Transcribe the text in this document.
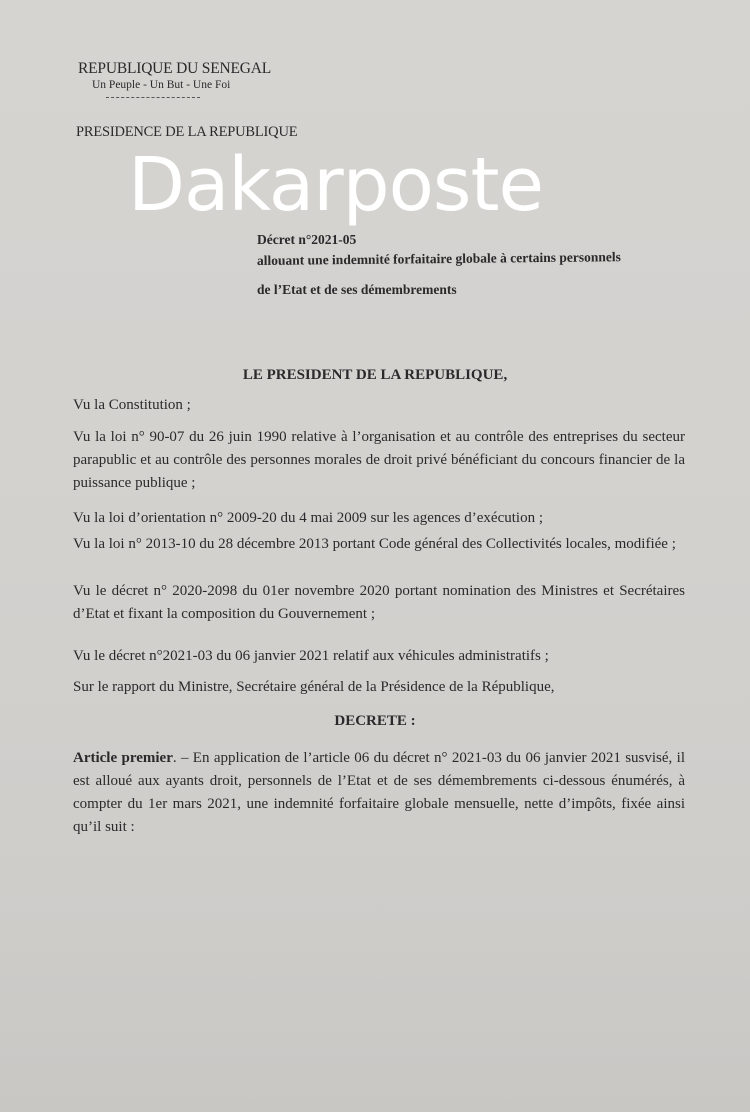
REPUBLIQUE DU SENEGAL
Un Peuple - Un But - Une Foi
PRESIDENCE DE LA REPUBLIQUE
Décret n°2021-05
allouant une indemnité forfaitaire globale à certains personnels
de l’Etat et de ses démembrements
Dakarposte
LE PRESIDENT DE LA REPUBLIQUE,
Vu la Constitution ;
Vu la loi n° 90-07 du 26 juin 1990 relative à l’organisation et au contrôle des entreprises du secteur parapublic et au contrôle des personnes morales de droit privé bénéficiant du concours financier de la puissance publique ;
Vu la loi d’orientation n° 2009-20 du 4 mai 2009 sur les agences d’exécution ;
Vu la loi n° 2013-10 du 28 décembre 2013 portant Code général des Collectivités locales, modifiée ;
Vu le décret n° 2020-2098 du 01er novembre 2020 portant nomination des Ministres et Secrétaires d’Etat et fixant la composition du Gouvernement ;
Vu le décret n°2021-03 du 06 janvier 2021 relatif aux véhicules administratifs ;
Sur le rapport du Ministre, Secrétaire général de la Présidence de la République,
DECRETE :
Article premier. – En application de l’article 06 du décret n° 2021-03 du 06 janvier 2021 susvisé, il est alloué aux ayants droit, personnels de l’Etat et de ses démembrements ci-dessous énumérés, à compter du 1er mars 2021, une indemnité forfaitaire globale mensuelle, nette d’impôts, fixée ainsi qu’il suit :
